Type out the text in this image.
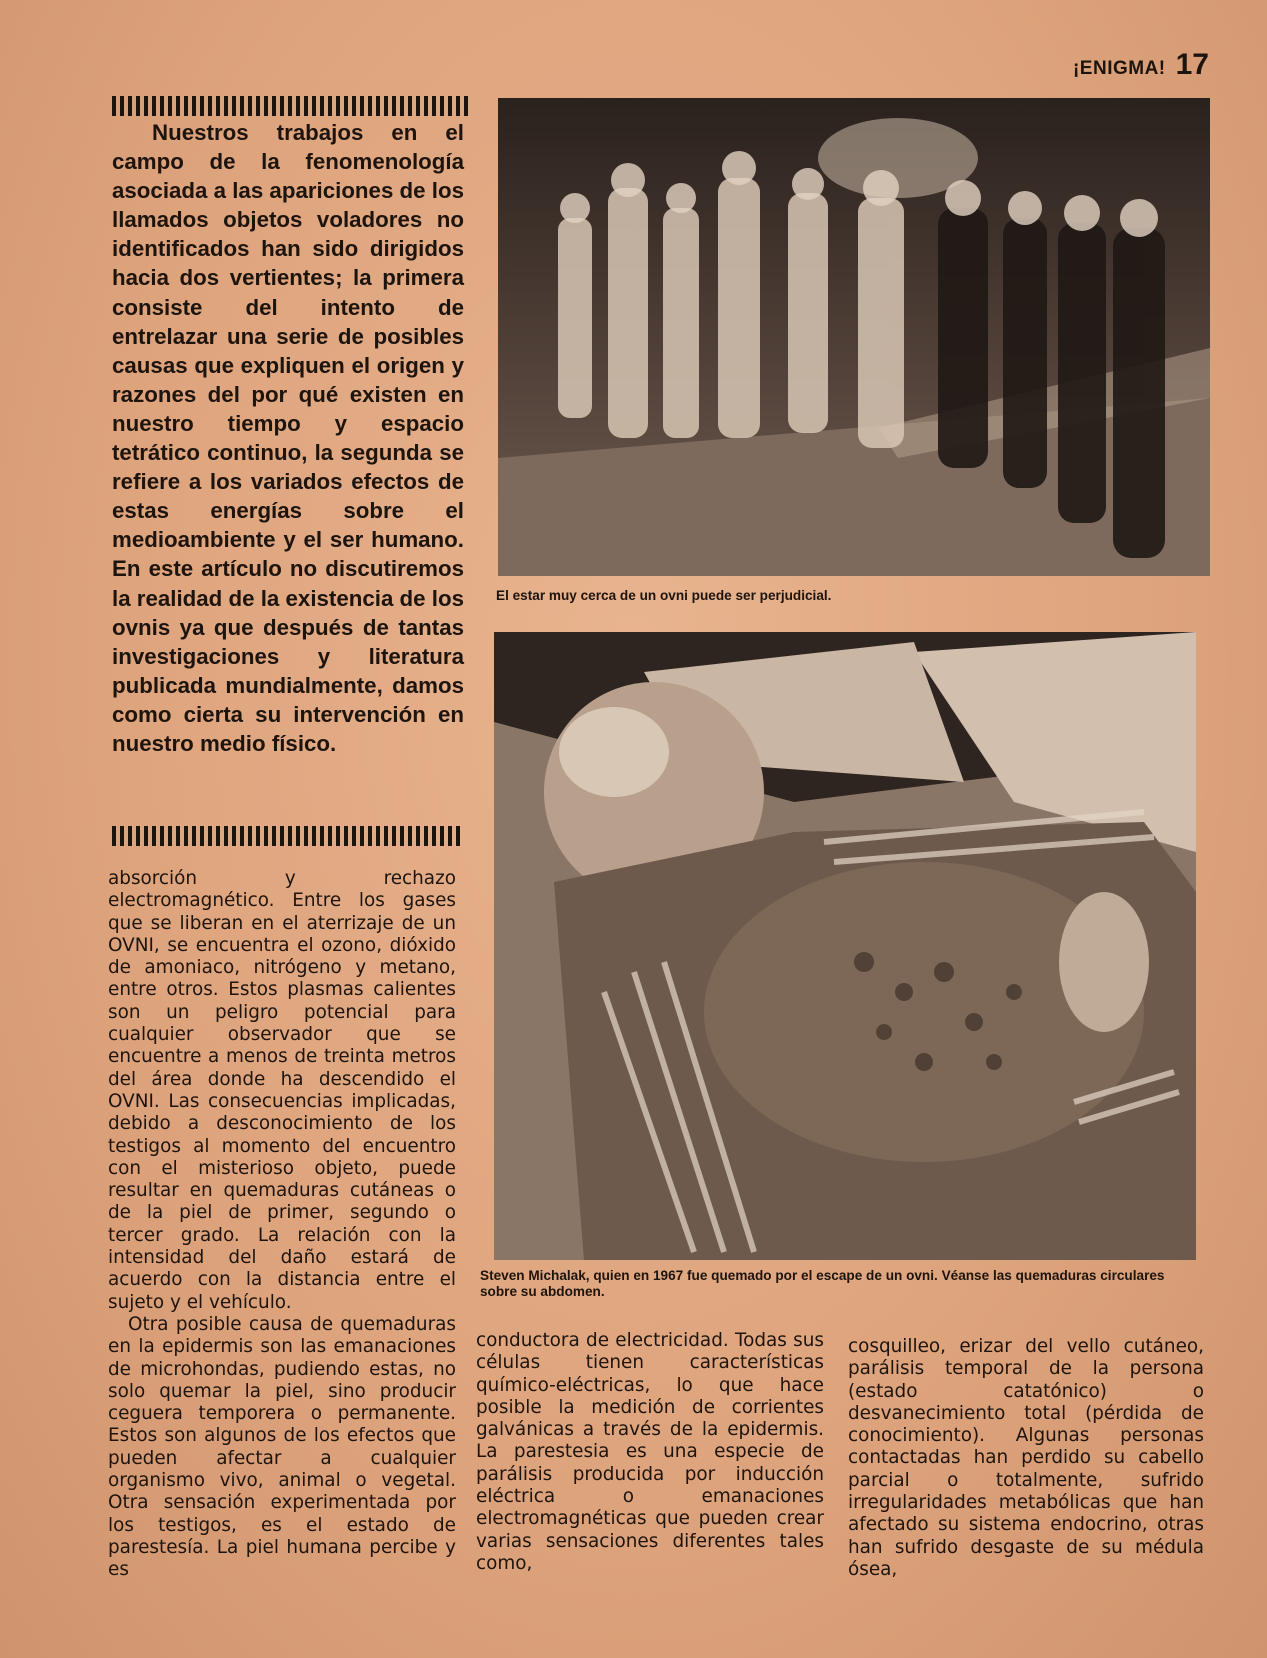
¡ENIGMA! 17

Nuestros trabajos en el campo de la fenomenología asociada a las apariciones de los llamados objetos voladores no identificados han sido dirigidos hacia dos vertientes; la primera consiste del intento de entrelazar una serie de posibles causas que expliquen el origen y razones del por qué existen en nuestro tiempo y espacio tetrático continuo, la segunda se refiere a los variados efectos de estas energías sobre el medioambiente y el ser humano. En este artículo no discutiremos la realidad de la existencia de los ovnis ya que después de tantas investigaciones y literatura publicada mundialmente, damos como cierta su intervención en nuestro medio físico.

absorción y rechazo electromagnético. Entre los gases que se liberan en el aterrizaje de un OVNI, se encuentra el ozono, dióxido de amoniaco, nitrógeno y metano, entre otros. Estos plasmas calientes son un peligro potencial para cualquier observador que se encuentre a menos de treinta metros del área donde ha descendido el OVNI. Las consecuencias implicadas, debido a desconocimiento de los testigos al momento del encuentro con el misterioso objeto, puede resultar en quemaduras cutáneas o de la piel de primer, segundo o tercer grado. La relación con la intensidad del daño estará de acuerdo con la distancia entre el sujeto y el vehículo.

Otra posible causa de quemaduras en la epidermis son las emanaciones de microhondas, pudiendo estas, no solo quemar la piel, sino producir ceguera temporera o permanente. Estos son algunos de los efectos que pueden afectar a cualquier organismo vivo, animal o vegetal. Otra sensación experimentada por los testigos, es el estado de parestesía. La piel humana percibe y es

conductora de electricidad. Todas sus células tienen características químico-eléctricas, lo que hace posible la medición de corrientes galvánicas a través de la epidermis. La parestesia es una especie de parálisis producida por inducción eléctrica o emanaciones electromagnéticas que pueden crear varias sensaciones diferentes tales como,

cosquilleo, erizar del vello cutáneo, parálisis temporal de la persona (estado catatónico) o desvanecimiento total (pérdida de conocimiento). Algunas personas contactadas han perdido su cabello parcial o totalmente, sufrido irregularidades metabólicas que han afectado su sistema endocrino, otras han sufrido desgaste de su médula ósea,

El estar muy cerca de un ovni puede ser perjudicial.

Steven Michalak, quien en 1967 fue quemado por el escape de un ovni. Véanse las quemaduras circulares sobre su abdomen.
